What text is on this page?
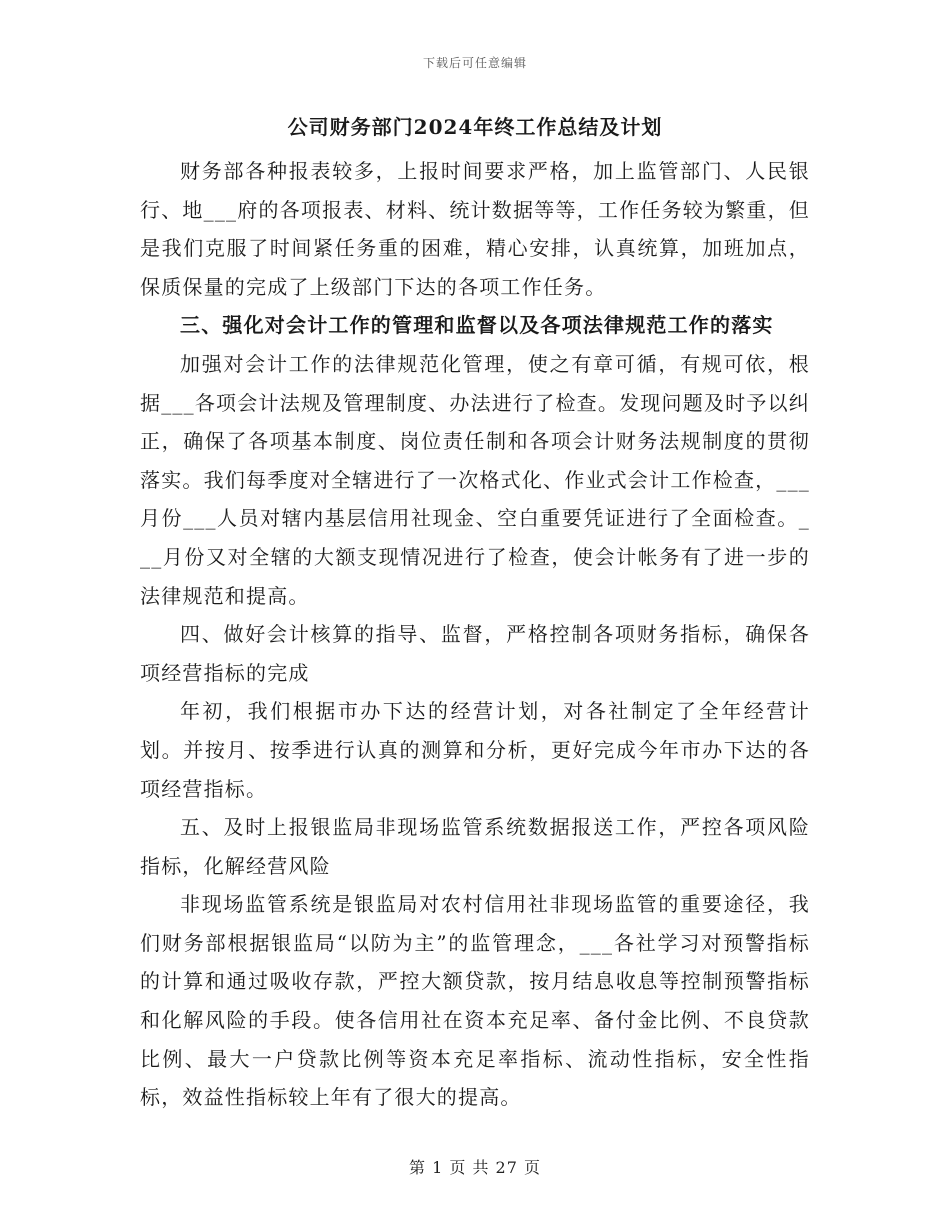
下载后可任意编辑
公司财务部门2024年终工作总结及计划

财务部各种报表较多，上报时间要求严格，加上监管部门、人民银行、地___府的各项报表、材料、统计数据等等，工作任务较为繁重，但是我们克服了时间紧任务重的困难，精心安排，认真统算，加班加点，保质保量的完成了上级部门下达的各项工作任务。

三、强化对会计工作的管理和监督以及各项法律规范工作的落实

加强对会计工作的法律规范化管理，使之有章可循，有规可依，根据___各项会计法规及管理制度、办法进行了检查。发现问题及时予以纠正，确保了各项基本制度、岗位责任制和各项会计财务法规制度的贯彻落实。我们每季度对全辖进行了一次格式化、作业式会计工作检查，___月份___人员对辖内基层信用社现金、空白重要凭证进行了全面检查。___月份又对全辖的大额支现情况进行了检查，使会计帐务有了进一步的法律规范和提高。

四、做好会计核算的指导、监督，严格控制各项财务指标，确保各项经营指标的完成

年初，我们根据市办下达的经营计划，对各社制定了全年经营计划。并按月、按季进行认真的测算和分析，更好完成今年市办下达的各项经营指标。

五、及时上报银监局非现场监管系统数据报送工作，严控各项风险指标，化解经营风险

非现场监管系统是银监局对农村信用社非现场监管的重要途径，我们财务部根据银监局“以防为主”的监管理念，___各社学习对预警指标的计算和通过吸收存款，严控大额贷款，按月结息收息等控制预警指标和化解风险的手段。使各信用社在资本充足率、备付金比例、不良贷款比例、最大一户贷款比例等资本充足率指标、流动性指标，安全性指标，效益性指标较上年有了很大的提高。

第 1 页 共 27 页
